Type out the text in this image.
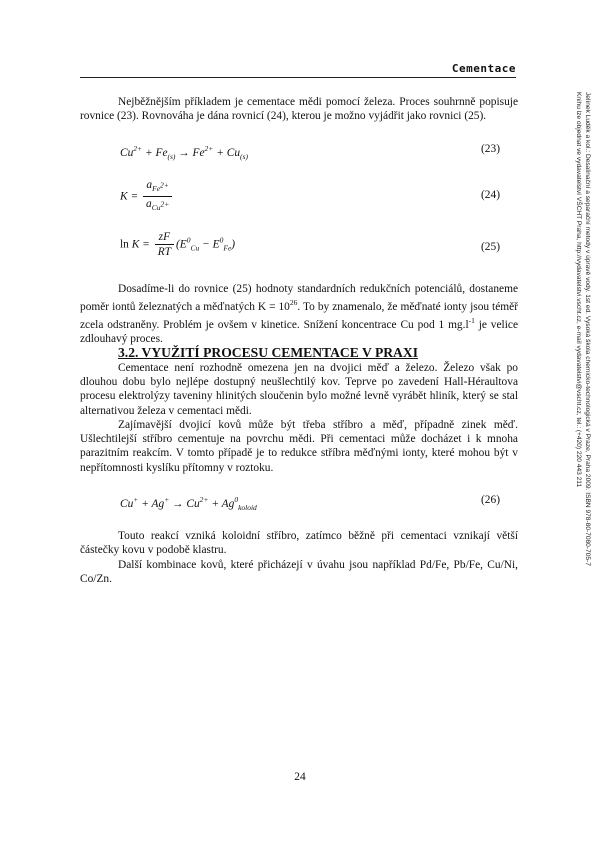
Cementace

Nejběžnějším příkladem je cementace mědi pomocí železa. Proces souhrnně popisuje rovnice (23). Rovnováha je dána rovnicí (24), kterou je možno vyjádřit jako rovnici (25).

$Cu^{2+} + Fe_{(s)} \to Fe^{2+} + Cu_{(s)}$
(23)
$K = \frac{a_{Fe^{2+}}}{a_{Cu^{2+}}}$	(24)
$\ln K = \frac{zF}{RT} (E^0_{Cu} - E^0_{Fe})$	(25)

Dosadíme-li do rovnice (25) hodnoty standardních redukčních potenciálů, dostaneme poměr iontů železnatých a měďnatých $K = 10^{26}$. To by znamenalo, že měďnaté ionty jsou téměř zcela odstraněny. Problém je ovšem v kinetice. Snížení koncentrace Cu pod 1 $mg.l^{-1}$ je velice zdlouhavý proces.

3.2. VYUŽITÍ PROCESU CEMENTACE V PRAXI

Cementace není rozhodně omezena jen na dvojici měď a železo. Železo však po dlouhou dobu bylo nejlépe dostupný neušlechtilý kov. Teprve po zavedení Hall-Héraultova procesu elektrolýzy taveniny hlinitých sloučenin bylo možné levně vyrábět hliník, který se stal alternativou železa v cementaci mědi.

Zajímavější dvojicí kovů může být třeba stříbro a měď, případně zinek měď. Ušlechtilejší stříbro cementuje na povrchu mědi. Při cementaci může docházet i k mnoha parazitním reakcím. V tomto případě je to redukce stříbra měďnými ionty, které mohou být v nepřítomnosti kyslíku přítomny v roztoku.

$Cu^+ + Ag^+ \to Cu^{2+} + Ag^0_{kolоid}$
(26)

Touto reakcí vzniká koloidní stříbro, zatímco běžně při cementaci vznikají větší částečky kovu v podobě klastru.

Další kombinace kovů, které přicházejí v úvahu jsou například Pd/Fe, Pb/Fe, Cu/Ni, Co/Zn.

24
Jelínek Luděk a kol.: Desalinační a separační metody v úpravě vody. 1st ed. Vysoká škola chemicko-technologická v Praze, Praha 2009. ISBN 978-80-7080-705-7
Knihu lze objednat ve vydavatelství VŠCHT Praha, http://vydavatelstvi.vscht.cz, e-mail vydavatelstvi@vscht.cz, tel.: (+420) 220 443 211
